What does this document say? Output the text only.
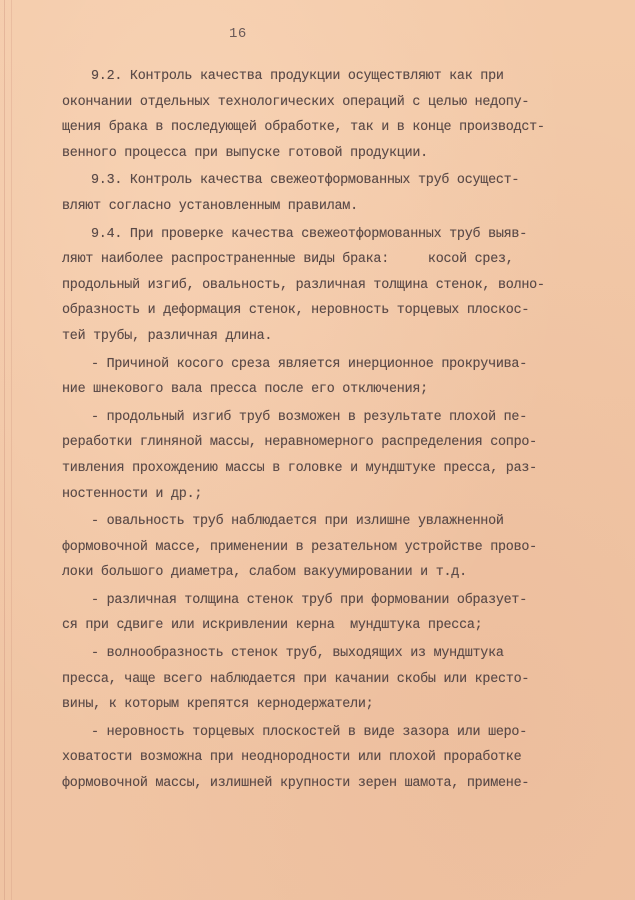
16
9.2. Контроль качества продукции осуществляют как при
окончании отдельных технологических операций с целью недопу-
щения брака в последующей обработке, так и в конце производст-
венного процесса при выпуске готовой продукции.
9.3. Контроль качества свежеотформованных труб осущест-
вляют согласно установленным правилам.
9.4. При проверке качества свежеотформованных труб выяв-
ляют наиболее распространенные виды брака:     косой срез,
продольный изгиб, овальность, различная толщина стенок, волно-
образность и деформация стенок, неровность торцевых плоскос-
тей трубы, различная длина.
- Причиной косого среза является инерционное прокручива-
ние шнекового вала пресса после его отключения;
- продольный изгиб труб возможен в результате плохой пе-
реработки глиняной массы, неравномерного распределения сопро-
тивления прохождению массы в головке и мундштуке пресса, раз-
ностенности и др.;
- овальность труб наблюдается при излишне увлажненной
формовочной массе, применении в резательном устройстве прово-
локи большого диаметра, слабом вакуумировании и т.д.
- различная толщина стенок труб при формовании образует-
ся при сдвиге или искривлении керна  мундштука пресса;
- волнообразность стенок труб, выходящих из мундштука
пресса, чаще всего наблюдается при качании скобы или кресто-
вины, к которым крепятся кернодержатели;
- неровность торцевых плоскостей в виде зазора или шеро-
ховатости возможна при неоднородности или плохой проработке
формовочной массы, излишней крупности зерен шамота, примене-
